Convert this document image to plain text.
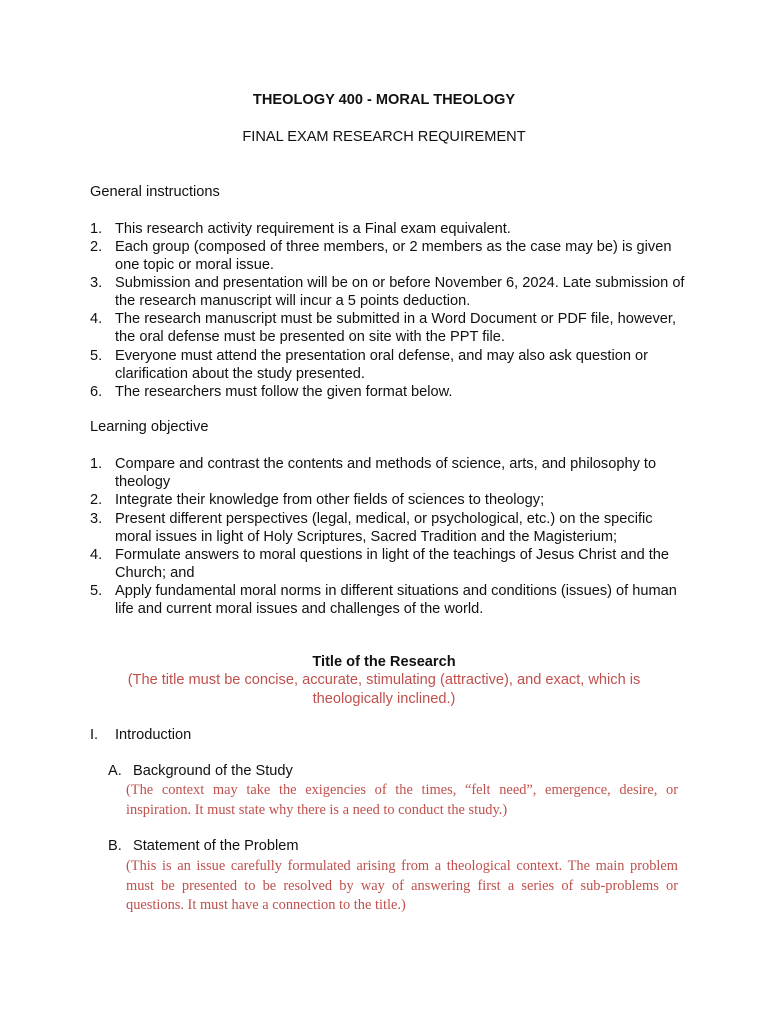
THEOLOGY 400 - MORAL THEOLOGY
FINAL EXAM RESEARCH REQUIREMENT
General instructions
1. This research activity requirement is a Final exam equivalent.
2. Each group (composed of three members, or 2 members as the case may be) is given one topic or moral issue.
3. Submission and presentation will be on or before November 6, 2024. Late submission of the research manuscript will incur a 5 points deduction.
4. The research manuscript must be submitted in a Word Document or PDF file, however, the oral defense must be presented on site with the PPT file.
5. Everyone must attend the presentation oral defense, and may also ask question or clarification about the study presented.
6. The researchers must follow the given format below.
Learning objective
1. Compare and contrast the contents and methods of science, arts, and philosophy to theology
2. Integrate their knowledge from other fields of sciences to theology;
3. Present different perspectives (legal, medical, or psychological, etc.) on the specific moral issues in light of Holy Scriptures, Sacred Tradition and the Magisterium;
4. Formulate answers to moral questions in light of the teachings of Jesus Christ and the Church; and
5. Apply fundamental moral norms in different situations and conditions (issues) of human life and current moral issues and challenges of the world.
Title of the Research
(The title must be concise, accurate, stimulating (attractive), and exact, which is
theologically inclined.)
I. Introduction
A. Background of the Study
(The context may take the exigencies of the times, “felt need”, emergence, desire, or
inspiration. It must state why there is a need to conduct the study.)
B. Statement of the Problem
(This is an issue carefully formulated arising from a theological context. The main problem
must be presented to be resolved by way of answering first a series of sub-problems or
questions. It must have a connection to the title.)
